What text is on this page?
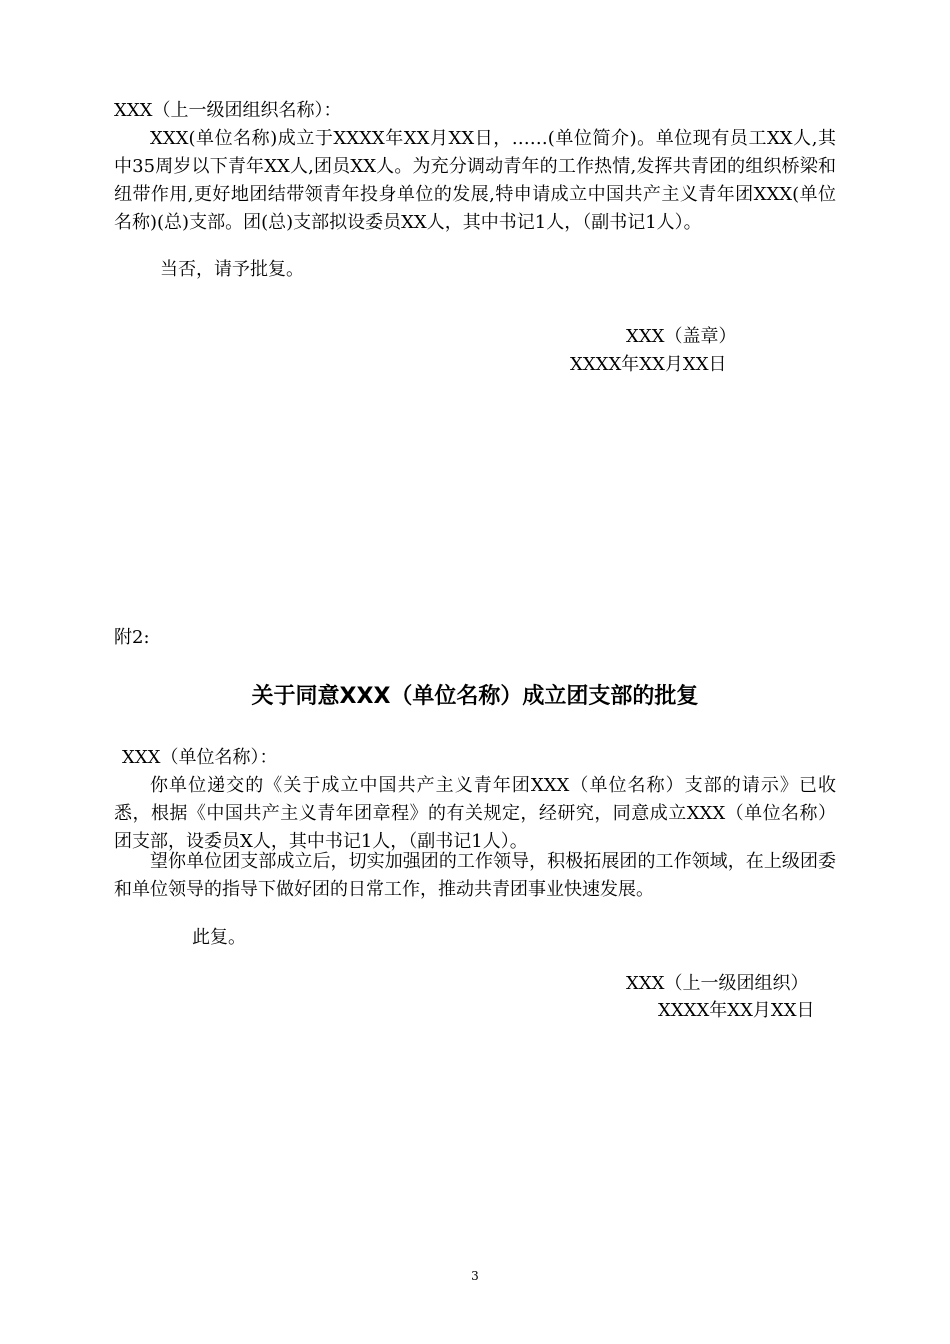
XXX（上一级团组织名称）：

XXX(单位名称)成立于XXXX年XX月XX日，……(单位简介)。单位现有员工XX人,其中35周岁以下青年XX人,团员XX人。为充分调动青年的工作热情,发挥共青团的组织桥梁和纽带作用,更好地团结带领青年投身单位的发展,特申请成立中国共产主义青年团XXX(单位名称)(总)支部。团(总)支部拟设委员XX人，其中书记1人，（副书记1人）。

当否，请予批复。

XXX（盖章）

XXXX年XX月XX日

附2:

关于同意XXX（单位名称）成立团支部的批复

XXX（单位名称）：

你单位递交的《关于成立中国共产主义青年团XXX（单位名称）支部的请示》已收悉，根据《中国共产主义青年团章程》的有关规定，经研究，同意成立XXX（单位名称）团支部，设委员X人，其中书记1人，（副书记1人）。

望你单位团支部成立后，切实加强团的工作领导，积极拓展团的工作领域，在上级团委和单位领导的指导下做好团的日常工作，推动共青团事业快速发展。

此复。

XXX（上一级团组织）

XXXX年XX月XX日

3
